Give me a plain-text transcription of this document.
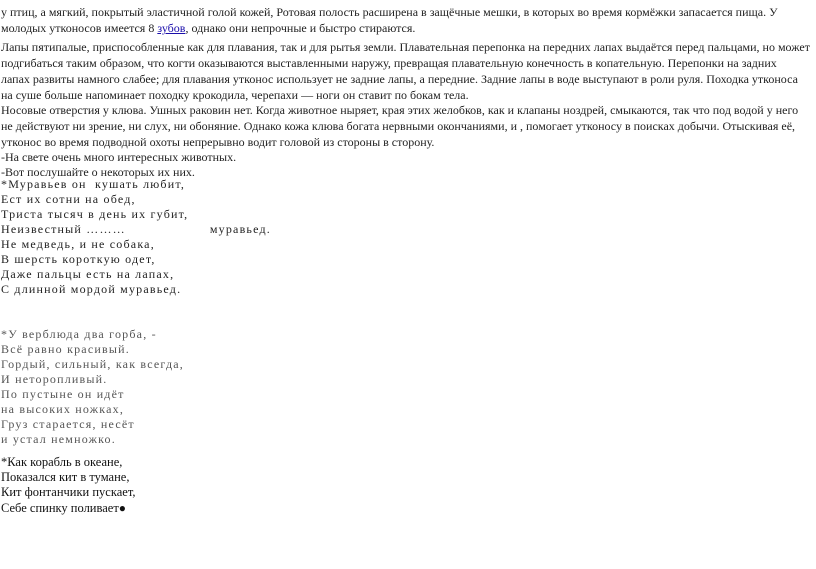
у птиц, а мягкий, покрытый эластичной голой кожей, Ротовая полость расширена в защёчные мешки, в которых во время кормёжки запасается пища. У
молодых утконосов имеется 8 зубов, однако они непрочные и быстро стираются.
Лапы пятипалые, приспособленные как для плавания, так и для рытья земли. Плавательная перепонка на передних лапах выдаётся перед пальцами, но может
подгибаться таким образом, что когти оказываются выставленными наружу, превращая плавательную конечность в копательную. Перепонки на задних
лапах развиты намного слабее; для плавания утконос использует не задние лапы, а передние. Задние лапы в воде выступают в роли руля. Походка утконоса
на суше больше напоминает походку крокодила, черепахи — ноги он ставит по бокам тела.
Носовые отверстия у клюва. Ушных раковин нет. Когда животное ныряет, края этих желобков, как и клапаны ноздрей, смыкаются, так что под водой у него
не действуют ни зрение, ни слух, ни обоняние. Однако кожа клюва богата нервными окончаниями, и , помогает утконосу в поисках добычи. Отыскивая её,
утконос во время подводной охоты непрерывно водит головой из стороны в сторону.
-На свете очень много интересных животных.
-Вот послушайте о некоторых их них.
*Муравьев он  кушать любит,
Ест их сотни на обед,
Триста тысяч в день их губит,
Неизвестный ………                    муравьед.
Не медведь, и не собака,
В шерсть короткую одет,
Даже пальцы есть на лапах,
С длинной мордой муравьед.
*У верблюда два горба, -
Всё равно красивый.
Гордый, сильный, как всегда,
И неторопливый.
По пустыне он идёт
на высоких ножках,
Груз старается, несёт
и устал немножко.
*Как корабль в океане,
Показался кит в тумане,
Кит фонтанчики пускает,
Себе спинку поливает●
